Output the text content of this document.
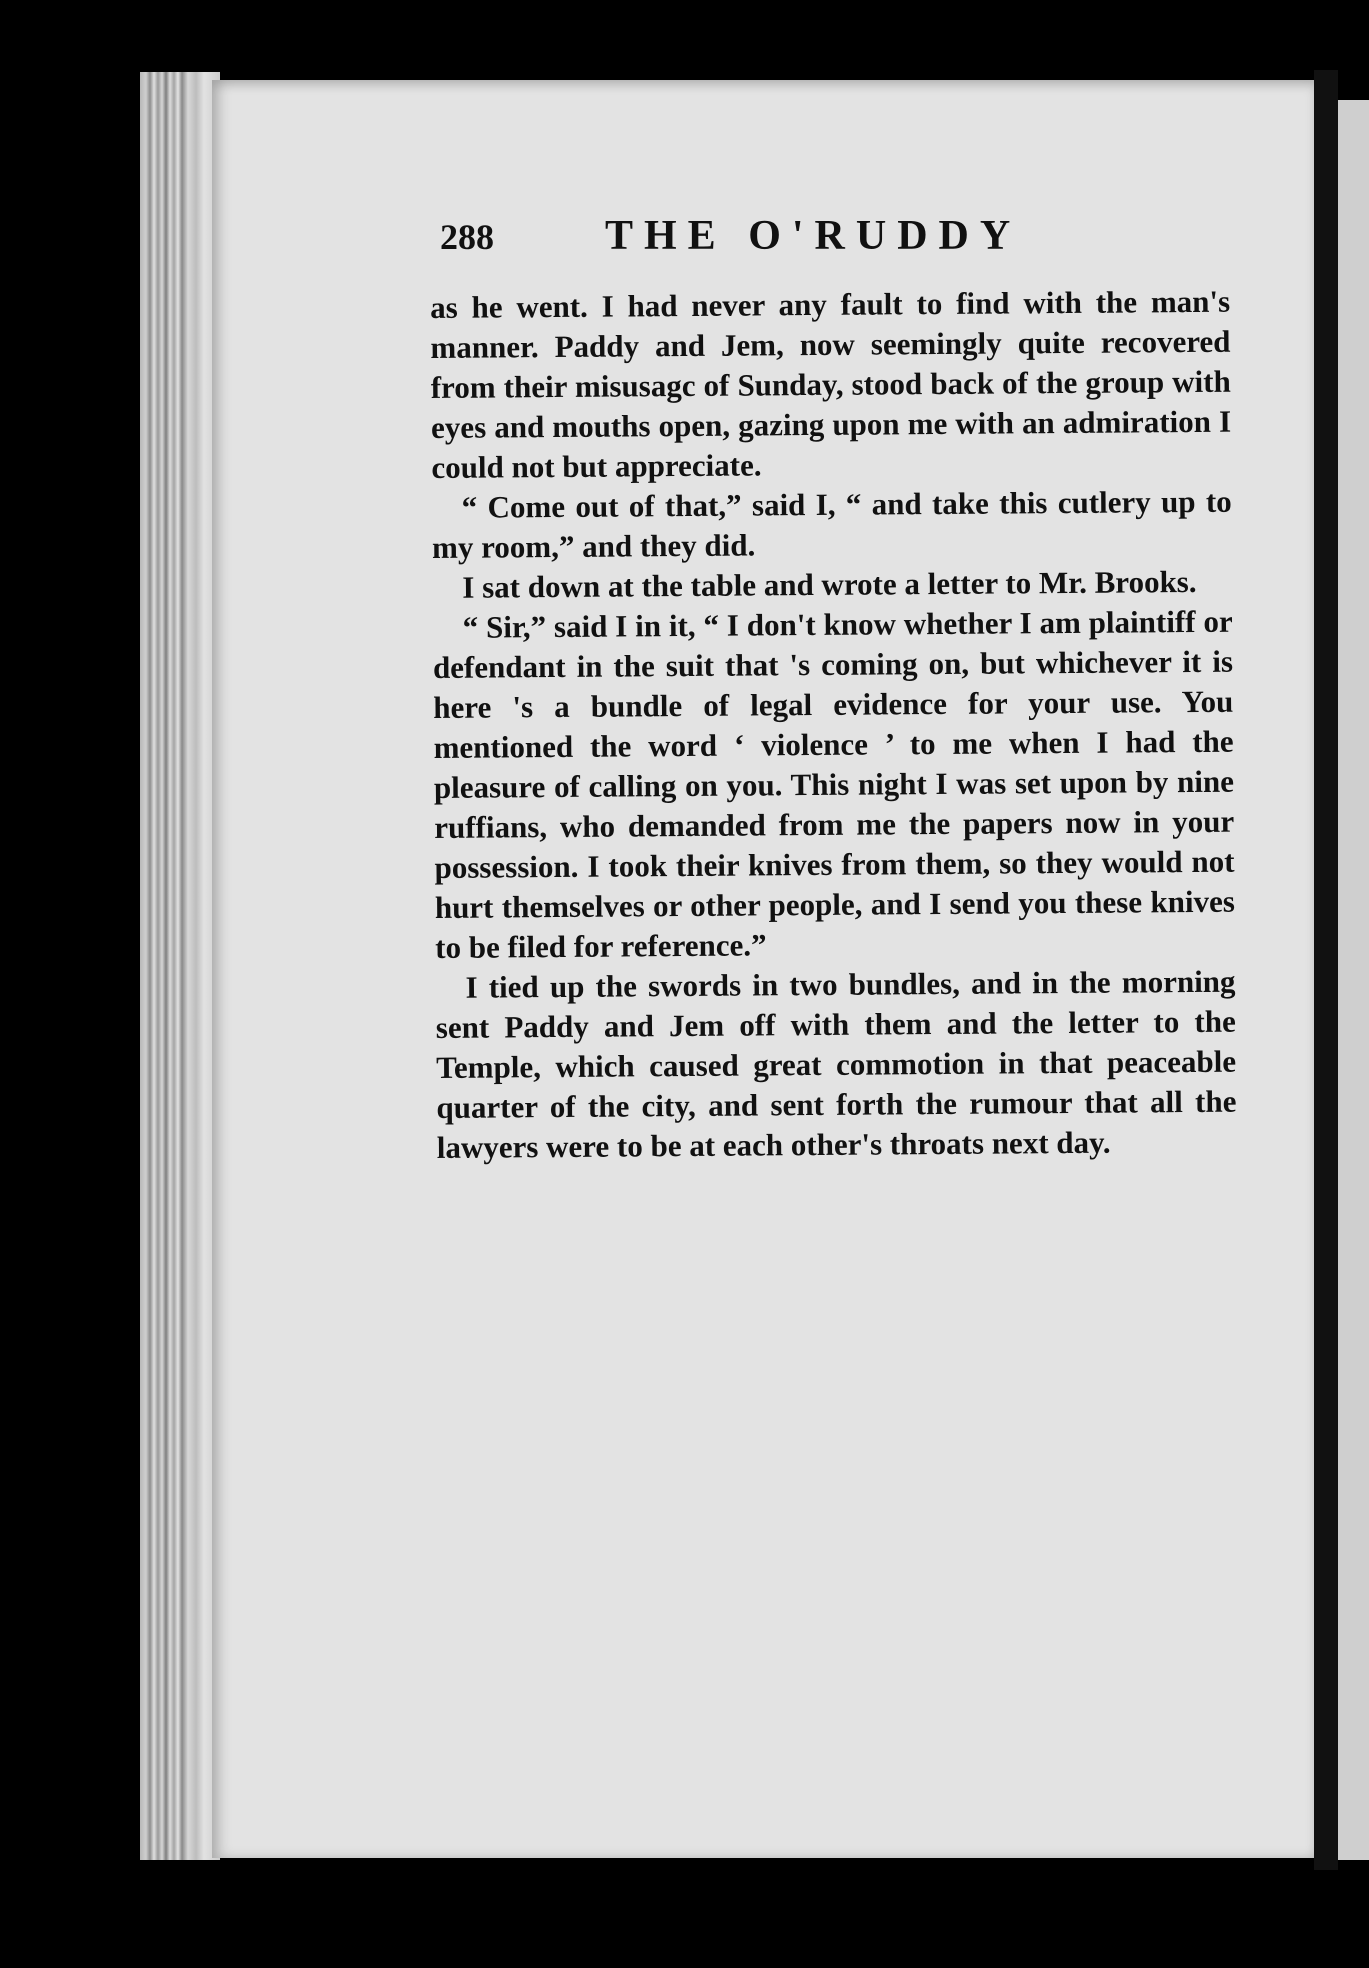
288	THE O'RUDDY

as he went. I had never any fault to find with the man's manner. Paddy and Jem, now seemingly quite recovered from their misusagc of Sunday, stood back of the group with eyes and mouths open, gazing upon me with an admiration I could not but appreciate.

“ Come out of that,” said I, “ and take this cutlery up to my room,” and they did.

I sat down at the table and wrote a letter to Mr. Brooks.

“ Sir,” said I in it, “ I don't know whether I am plaintiff or defendant in the suit that 's coming on, but whichever it is here 's a bundle of legal evidence for your use. You mentioned the word ‘ violence ’ to me when I had the pleasure of calling on you. This night I was set upon by nine ruffians, who demanded from me the papers now in your possession. I took their knives from them, so they would not hurt themselves or other people, and I send you these knives to be filed for reference.”

I tied up the swords in two bundles, and in the morning sent Paddy and Jem off with them and the letter to the Temple, which caused great commotion in that peaceable quarter of the city, and sent forth the rumour that all the lawyers were to be at each other's throats next day.
